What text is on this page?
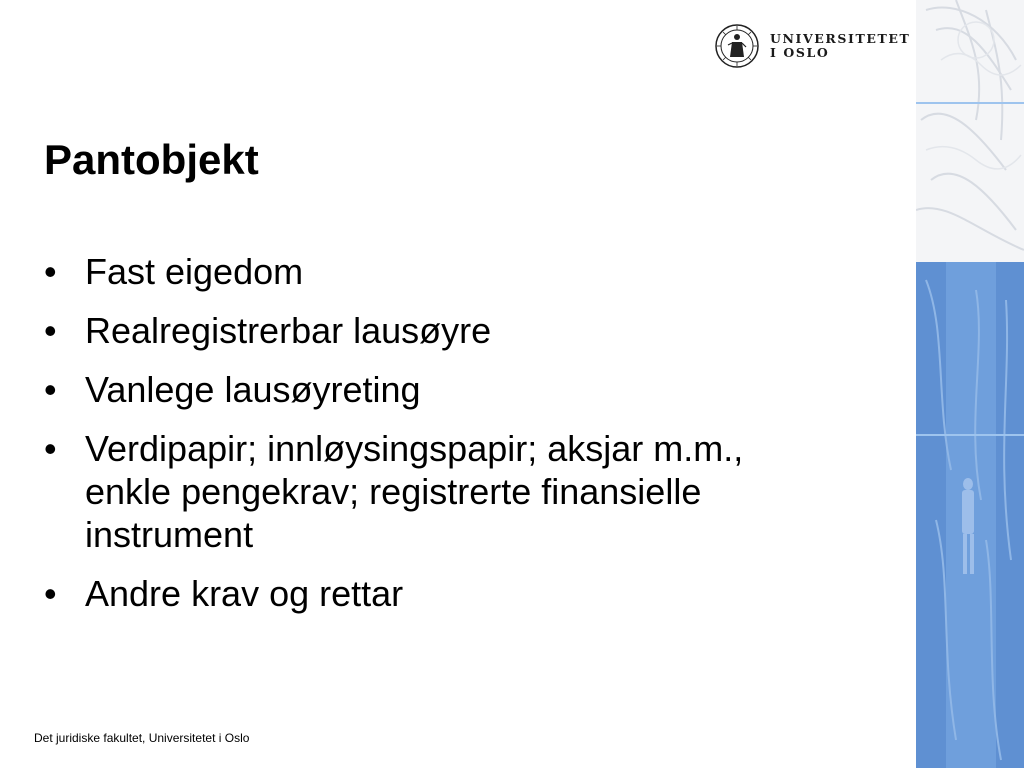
UNIVERSITETET
I OSLO
Pantobjekt
• Fast eigedom
• Realregistrerbar lausøyre
• Vanlege lausøyreting
• Verdipapir; innløysingspapir; aksjar m.m., enkle pengekrav; registrerte finansielle instrument
• Andre krav og rettar
Det juridiske fakultet, Universitetet i Oslo
